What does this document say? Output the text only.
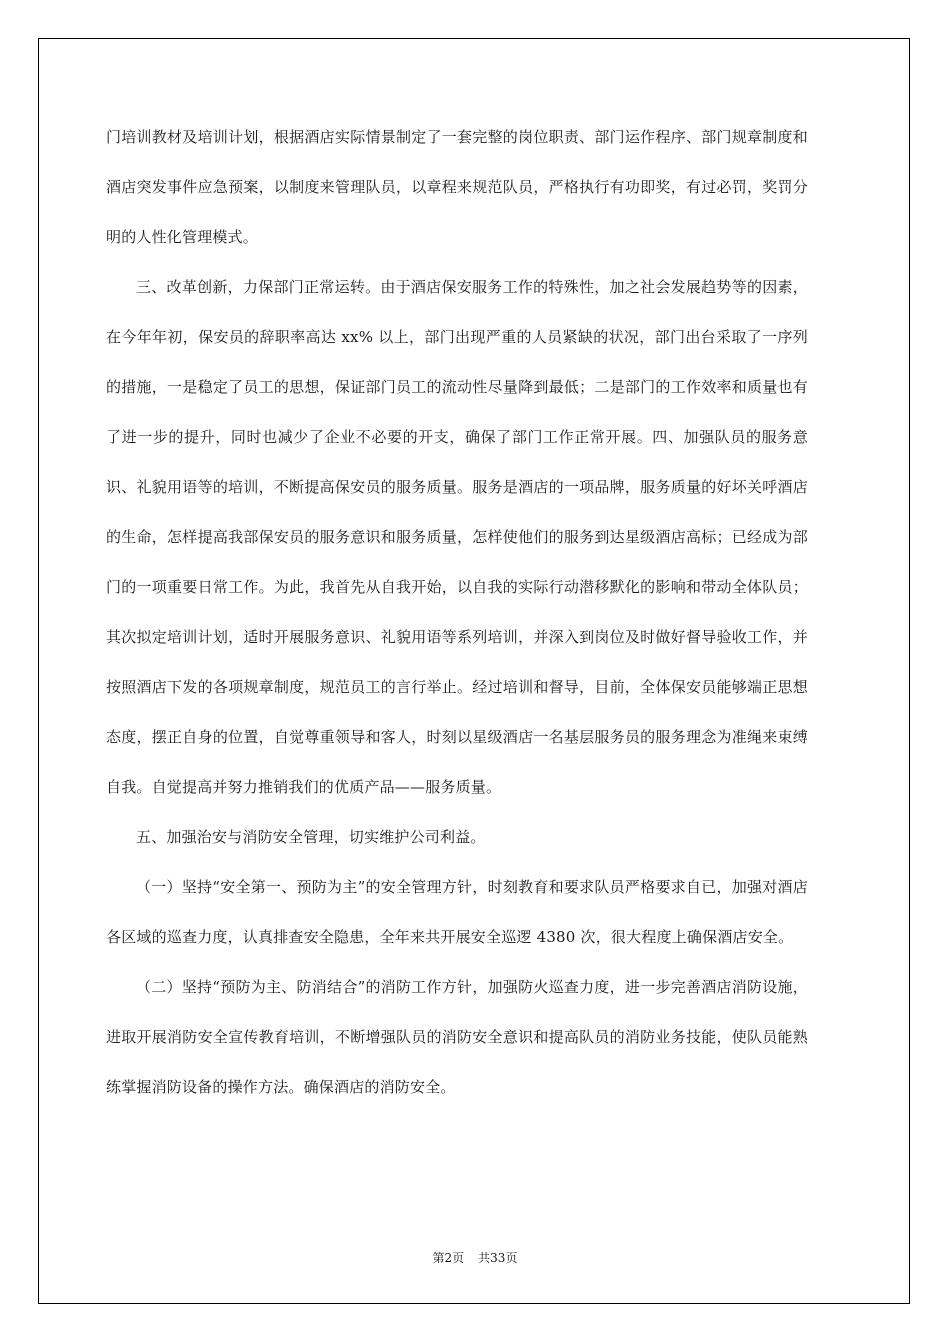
门培训教材及培训计划，根据酒店实际情景制定了一套完整的岗位职责、部门运作程序、部门规章制度和酒店突发事件应急预案，以制度来管理队员，以章程来规范队员，严格执行有功即奖，有过必罚，奖罚分明的人性化管理模式。

三、改革创新，力保部门正常运转。由于酒店保安服务工作的特殊性，加之社会发展趋势等的因素，在今年年初，保安员的辞职率高达 xx% 以上，部门出现严重的人员紧缺的状况，部门出台采取了一序列的措施，一是稳定了员工的思想，保证部门员工的流动性尽量降到最低；二是部门的工作效率和质量也有了进一步的提升，同时也减少了企业不必要的开支，确保了部门工作正常开展。四、加强队员的服务意识、礼貌用语等的培训，不断提高保安员的服务质量。服务是酒店的一项品牌，服务质量的好坏关呼酒店的生命，怎样提高我部保安员的服务意识和服务质量，怎样使他们的服务到达星级酒店高标；已经成为部门的一项重要日常工作。为此，我首先从自我开始，以自我的实际行动潜移默化的影响和带动全体队员；其次拟定培训计划，适时开展服务意识、礼貌用语等系列培训，并深入到岗位及时做好督导验收工作，并按照酒店下发的各项规章制度，规范员工的言行举止。经过培训和督导，目前，全体保安员能够端正思想态度，摆正自身的位置，自觉尊重领导和客人，时刻以星级酒店一名基层服务员的服务理念为准绳来束缚自我。自觉提高并努力推销我们的优质产品——服务质量。

五、加强治安与消防安全管理，切实维护公司利益。

（一）坚持“安全第一、预防为主”的安全管理方针，时刻教育和要求队员严格要求自已，加强对酒店各区域的巡查力度，认真排查安全隐患，全年来共开展安全巡逻 4380 次，很大程度上确保酒店安全。

（二）坚持“预防为主、防消结合”的消防工作方针，加强防火巡查力度，进一步完善酒店消防设施，进取开展消防安全宣传教育培训，不断增强队员的消防安全意识和提高队员的消防业务技能，使队员能熟练掌握消防设备的操作方法。确保酒店的消防安全。

第2页 共33页
